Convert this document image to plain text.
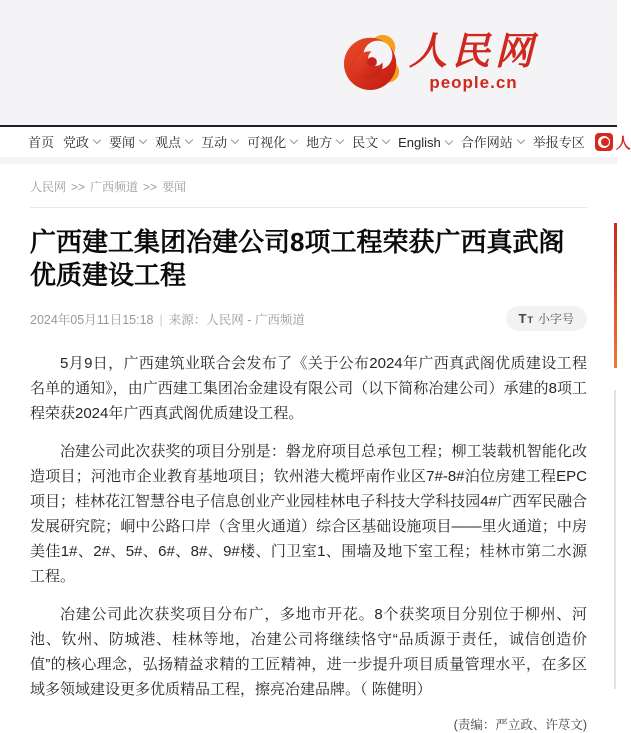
人民网
people.cn
首页 党政 要闻 观点 互动 可视化 地方 民文 English 合作网站 举报专区 人
人民网 >> 广西频道 >> 要闻
广西建工集团冶建公司8项工程荣获广西真武阁优质建设工程
2024年05月11日15:18 | 来源：人民网 - 广西频道	T T 小字号

5月9日，广西建筑业联合会发布了《关于公布2024年广西真武阁优质建设工程名单的通知》，由广西建工集团冶金建设有限公司（以下简称冶建公司）承建的8项工程荣获2024年广西真武阁优质建设工程。

冶建公司此次获奖的项目分别是：磐龙府项目总承包工程；柳工装载机智能化改造项目；河池市企业教育基地项目；钦州港大榄坪南作业区7#-8#泊位房建工程EPC项目；桂林花江智慧谷电子信息创业产业园桂林电子科技大学科技园4#广西军民融合发展研究院；峒中公路口岸（含里火通道）综合区基础设施项目——里火通道；中房美佳1#、2#、5#、6#、8#、9#楼、门卫室1、围墙及地下室工程；桂林市第二水源工程。

冶建公司此次获奖项目分布广，多地市开花。8个获奖项目分别位于柳州、河池、钦州、防城港、桂林等地，冶建公司将继续恪守“品质源于责任，诚信创造价值”的核心理念，弘扬精益求精的工匠精神，进一步提升项目质量管理水平，在多区域多领域建设更多优质精品工程，擦亮冶建品牌。（ 陈健明）

(责编：严立政、许荩文)
